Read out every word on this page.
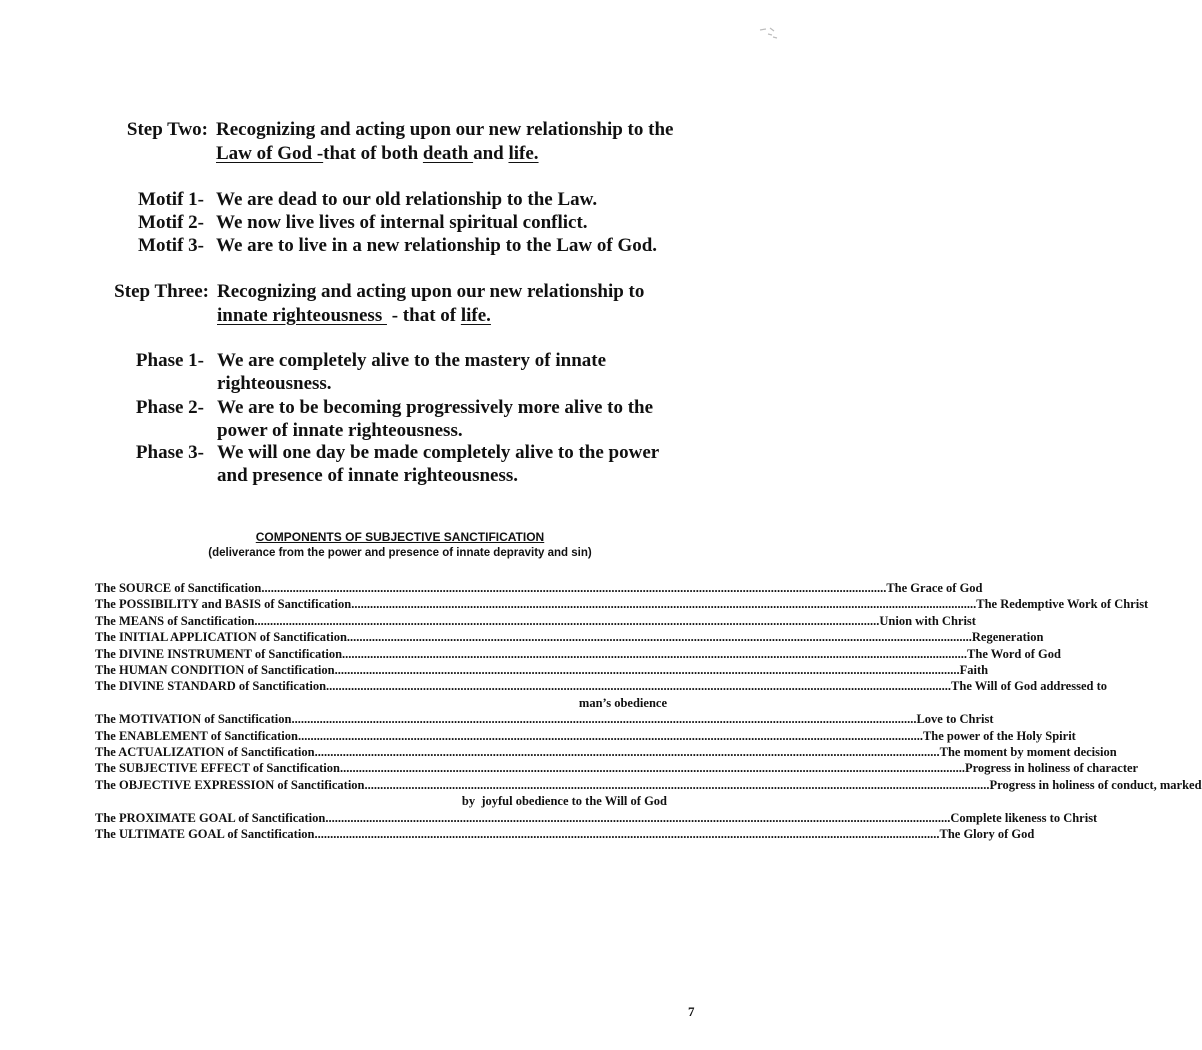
Step Two: Recognizing and acting upon our new relationship to the
Law of God - that of both death and life.
Motif 1- We are dead to our old relationship to the Law.
Motif 2- We now live lives of internal spiritual conflict.
Motif 3- We are to live in a new relationship to the Law of God.
Step Three: Recognizing and acting upon our new relationship to
innate righteousness - that of life.
Phase 1- We are completely alive to the mastery of innate
righteousness.
Phase 2- We are to be becoming progressively more alive to the
power of innate righteousness.
Phase 3- We will one day be made completely alive to the power
and presence of innate righteousness.
COMPONENTS OF SUBJECTIVE SANCTIFICATION
(deliverance from the power and presence of innate depravity and sin)
The SOURCE of Sanctification ........................................................................................................................................................................................................ The Grace of God
The POSSIBILITY and BASIS of Sanctification ........................................................................................................................................................................................................ The Redemptive Work of Christ
The MEANS of Sanctification ........................................................................................................................................................................................................ Union with Christ
The INITIAL APPLICATION of Sanctification ........................................................................................................................................................................................................ Regeneration
The DIVINE INSTRUMENT of Sanctification ........................................................................................................................................................................................................ The Word of God
The HUMAN CONDITION of Sanctification ........................................................................................................................................................................................................ Faith
The DIVINE STANDARD of Sanctification ........................................................................................................................................................................................................ The Will of God addressed to
man’s obedience
The MOTIVATION of Sanctification ........................................................................................................................................................................................................ Love to Christ
The ENABLEMENT of Sanctification ........................................................................................................................................................................................................ The power of the Holy Spirit
The ACTUALIZATION of Sanctification ........................................................................................................................................................................................................ The moment by moment decision
The SUBJECTIVE EFFECT of Sanctification ........................................................................................................................................................................................................ Progress in holiness of character
The OBJECTIVE EXPRESSION of Sanctification ........................................................................................................................................................................................................ Progress in holiness of conduct, marked
by  joyful obedience to the Will of God
The PROXIMATE GOAL of Sanctification ........................................................................................................................................................................................................ Complete likeness to Christ
The ULTIMATE GOAL of Sanctification ........................................................................................................................................................................................................ The Glory of God
7
